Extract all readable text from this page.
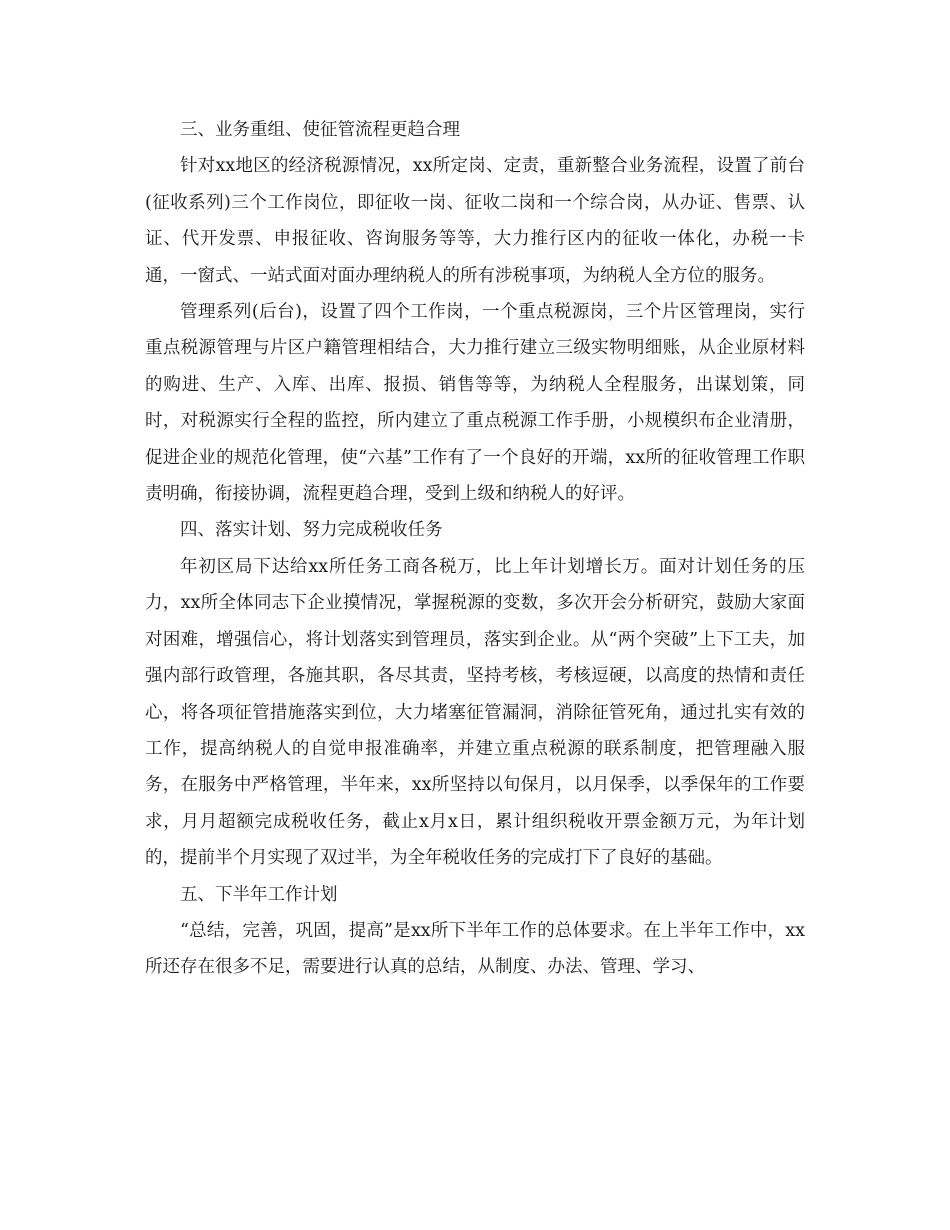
三、业务重组、使征管流程更趋合理

针对xx地区的经济税源情况，xx所定岗、定责，重新整合业务流程，设置了前台(征收系列)三个工作岗位，即征收一岗、征收二岗和一个综合岗，从办证、售票、认证、代开发票、申报征收、咨询服务等等，大力推行区内的征收一体化，办税一卡通，一窗式、一站式面对面办理纳税人的所有涉税事项，为纳税人全方位的服务。

管理系列(后台)，设置了四个工作岗，一个重点税源岗，三个片区管理岗，实行重点税源管理与片区户籍管理相结合，大力推行建立三级实物明细账，从企业原材料的购进、生产、入库、出库、报损、销售等等，为纳税人全程服务，出谋划策，同时，对税源实行全程的监控，所内建立了重点税源工作手册，小规模织布企业清册，促进企业的规范化管理，使“六基”工作有了一个良好的开端，xx所的征收管理工作职责明确，衔接协调，流程更趋合理，受到上级和纳税人的好评。

四、落实计划、努力完成税收任务

年初区局下达给xx所任务工商各税万，比上年计划增长万。面对计划任务的压力，xx所全体同志下企业摸情况，掌握税源的变数，多次开会分析研究，鼓励大家面对困难，增强信心，将计划落实到管理员，落实到企业。从“两个突破”上下工夫，加强内部行政管理，各施其职，各尽其责，坚持考核，考核逗硬，以高度的热情和责任心，将各项征管措施落实到位，大力堵塞征管漏洞，消除征管死角，通过扎实有效的工作，提高纳税人的自觉申报准确率，并建立重点税源的联系制度，把管理融入服务，在服务中严格管理，半年来，xx所坚持以旬保月，以月保季，以季保年的工作要求，月月超额完成税收任务，截止x月x日，累计组织税收开票金额万元，为年计划的，提前半个月实现了双过半，为全年税收任务的完成打下了良好的基础。

五、下半年工作计划

“总结，完善，巩固，提高”是xx所下半年工作的总体要求。在上半年工作中，xx所还存在很多不足，需要进行认真的总结，从制度、办法、管理、学习、
